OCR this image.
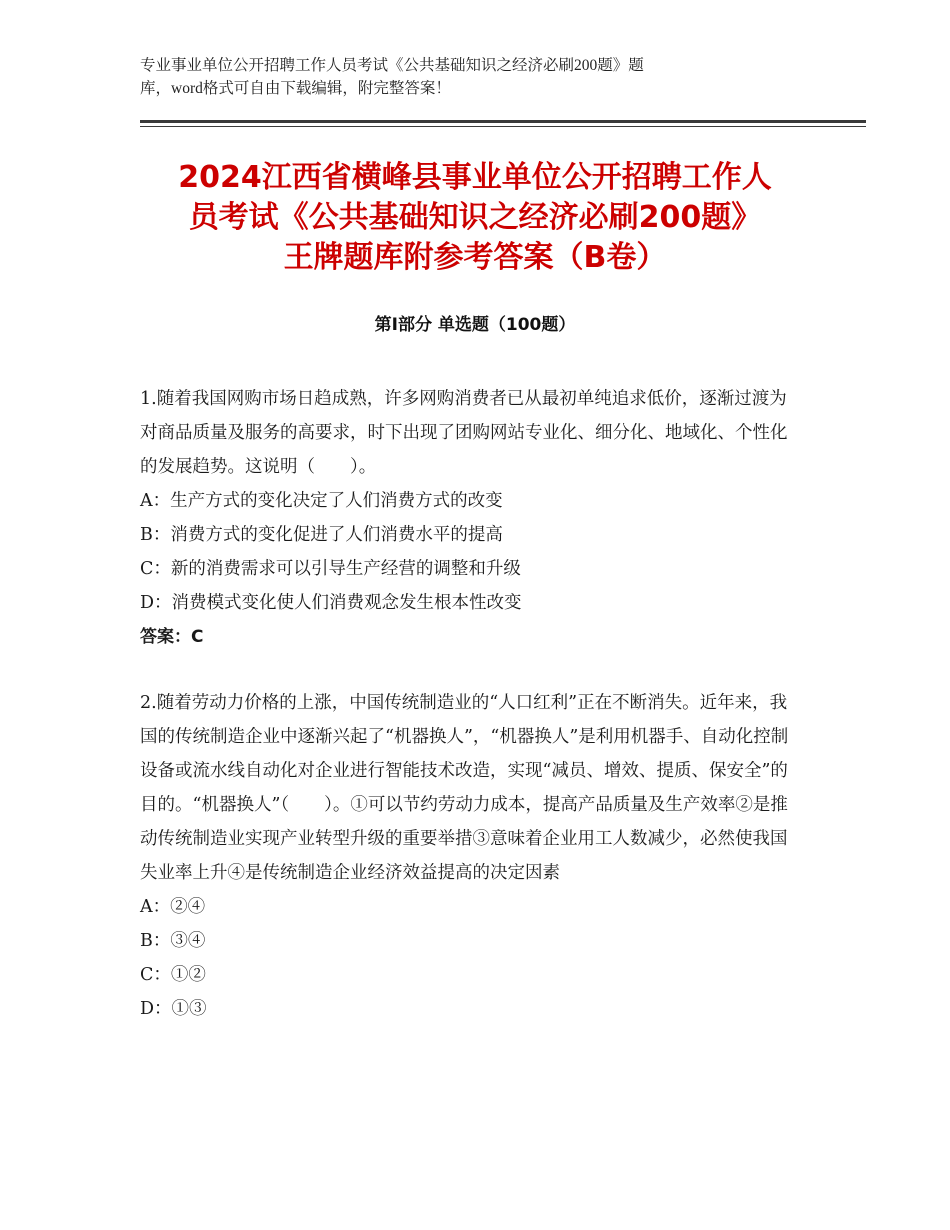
专业事业单位公开招聘工作人员考试《公共基础知识之经济必刷200题》题
库，word格式可自由下载编辑，附完整答案！
2024江西省横峰县事业单位公开招聘工作人
员考试《公共基础知识之经济必刷200题》
王牌题库附参考答案（B卷）
第Ⅰ部分 单选题（100题）

1.随着我国网购市场日趋成熟，许多网购消费者已从最初单纯追求低价，逐渐过渡为对商品质量及服务的高要求，时下出现了团购网站专业化、细分化、地域化、个性化的发展趋势。这说明（　　）。

A：生产方式的变化决定了人们消费方式的改变

B：消费方式的变化促进了人们消费水平的提高

C：新的消费需求可以引导生产经营的调整和升级

D：消费模式变化使人们消费观念发生根本性改变

答案：C

2.随着劳动力价格的上涨，中国传统制造业的“人口红利”正在不断消失。近年来，我国的传统制造企业中逐渐兴起了“机器换人”，“机器换人”是利用机器手、自动化控制设备或流水线自动化对企业进行智能技术改造，实现“减员、增效、提质、保安全”的目的。“机器换人”（　　）。①可以节约劳动力成本，提高产品质量及生产效率②是推动传统制造业实现产业转型升级的重要举措③意味着企业用工人数减少，必然使我国失业率上升④是传统制造企业经济效益提高的决定因素

A：②④

B：③④

C：①②

D：①③
